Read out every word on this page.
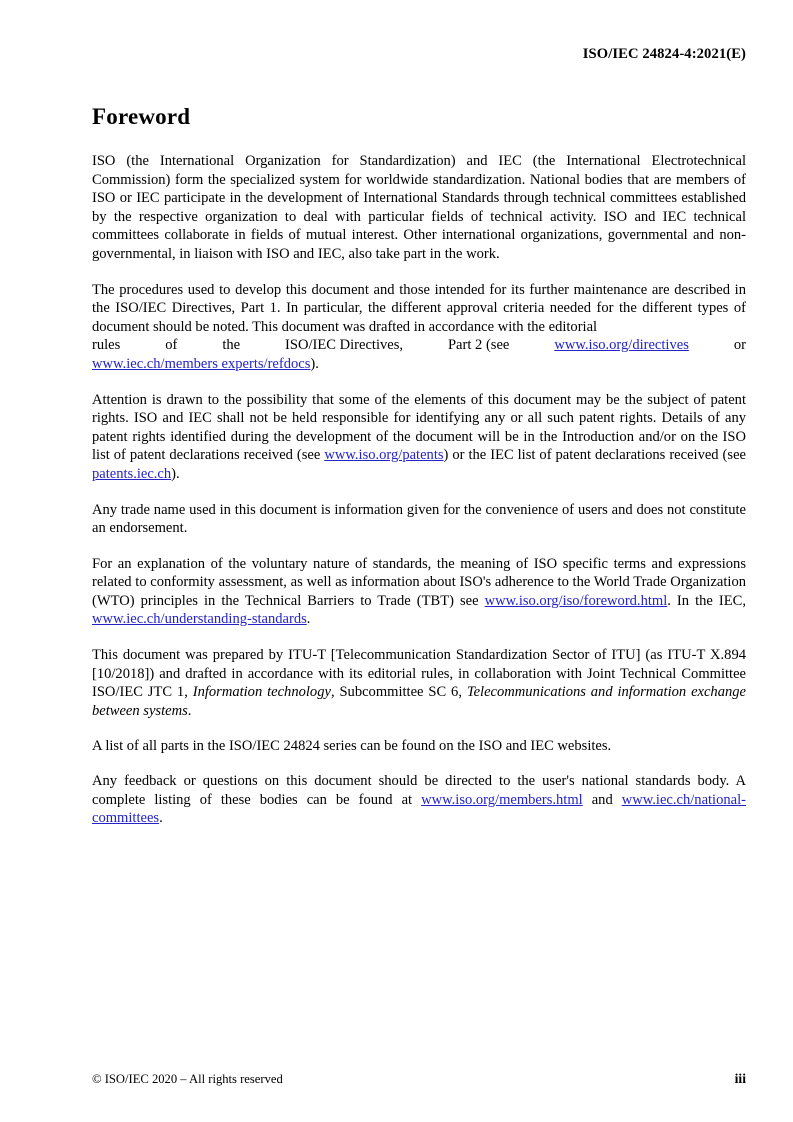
ISO/IEC 24824-4:2021(E)
Foreword

ISO (the International Organization for Standardization) and IEC (the International Electrotechnical Commission) form the specialized system for worldwide standardization. National bodies that are members of ISO or IEC participate in the development of International Standards through technical committees established by the respective organization to deal with particular fields of technical activity. ISO and IEC technical committees collaborate in fields of mutual interest. Other international organizations, governmental and non-governmental, in liaison with ISO and IEC, also take part in the work.

The procedures used to develop this document and those intended for its further maintenance are described in the ISO/IEC Directives, Part 1. In particular, the different approval criteria needed for the different types of document should be noted. This document was drafted in accordance with the editorial
rules	of	the	ISO/IEC Directives,	Part 2 (see	www.iso.org/directives	or
www.iec.ch/members experts/refdocs).

Attention is drawn to the possibility that some of the elements of this document may be the subject of patent rights. ISO and IEC shall not be held responsible for identifying any or all such patent rights. Details of any patent rights identified during the development of the document will be in the Introduction and/or on the ISO list of patent declarations received (see www.iso.org/patents) or the IEC list of patent declarations received (see patents.iec.ch).

Any trade name used in this document is information given for the convenience of users and does not constitute an endorsement.

For an explanation of the voluntary nature of standards, the meaning of ISO specific terms and expressions related to conformity assessment, as well as information about ISO's adherence to the World Trade Organization (WTO) principles in the Technical Barriers to Trade (TBT) see www.iso.org/iso/foreword.html. In the IEC, www.iec.ch/understanding-standards.

This document was prepared by ITU-T [Telecommunication Standardization Sector of ITU] (as ITU-T X.894 [10/2018]) and drafted in accordance with its editorial rules, in collaboration with Joint Technical Committee ISO/IEC JTC 1, Information technology, Subcommittee SC 6, Telecommunications and information exchange between systems.

A list of all parts in the ISO/IEC 24824 series can be found on the ISO and IEC websites.

Any feedback or questions on this document should be directed to the user's national standards body. A complete listing of these bodies can be found at www.iso.org/members.html and www.iec.ch/national-committees.

© ISO/IEC 2020 – All rights reserved	iii
